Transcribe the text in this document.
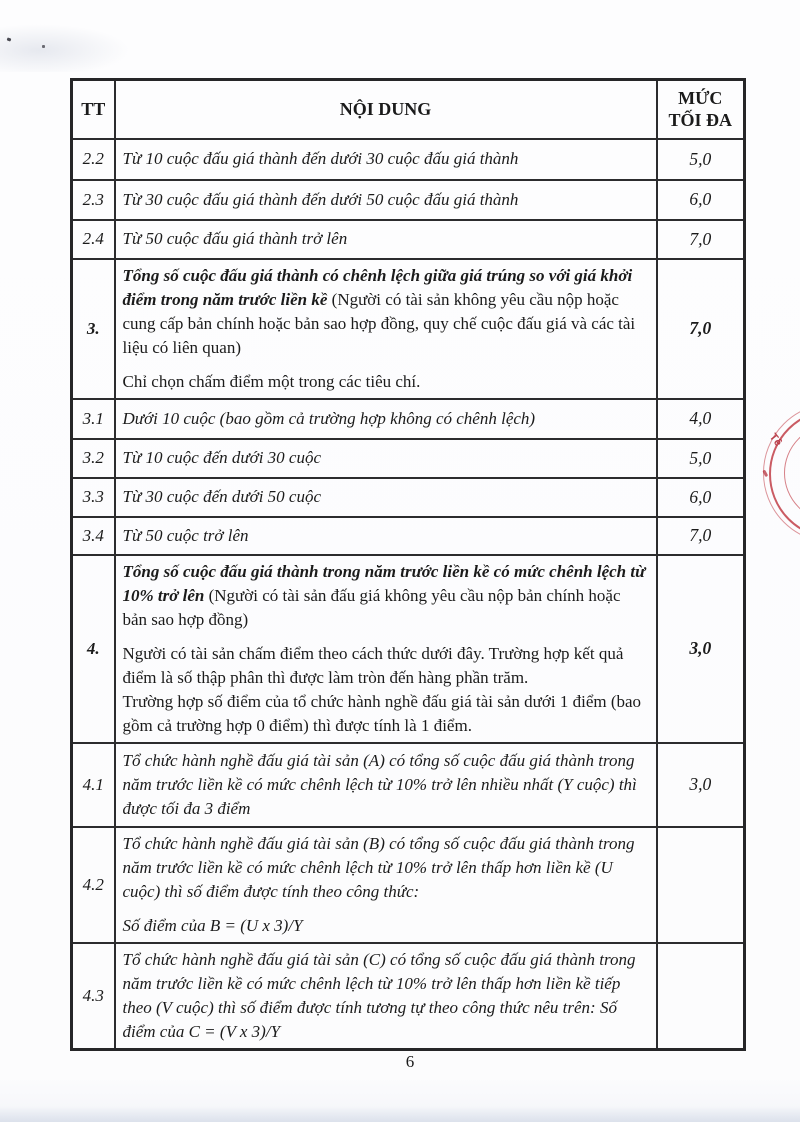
TT	NỘI DUNG	MỨC
TỐI ĐA

2.2	Từ 10 cuộc đấu giá thành đến dưới 30 cuộc đấu giá thành	5,0
2.3	Từ 30 cuộc đấu giá thành đến dưới 50 cuộc đấu giá thành	6,0
2.4	Từ 50 cuộc đấu giá thành trở lên	7,0
3.	Tổng số cuộc đấu giá thành có chênh lệch giữa giá trúng so với giá khởi điểm trong năm trước liền kề (Người có tài sản không yêu cầu nộp hoặc cung cấp bản chính hoặc bản sao hợp đồng, quy chế cuộc đấu giá và các tài liệu có liên quan)

Chỉ chọn chấm điểm một trong các tiêu chí.	7,0
3.1	Dưới 10 cuộc (bao gồm cả trường hợp không có chênh lệch)	4,0
3.2	Từ 10 cuộc đến dưới 30 cuộc	5,0
3.3	Từ 30 cuộc đến dưới 50 cuộc	6,0
3.4	Từ 50 cuộc trở lên	7,0
4.	Tổng số cuộc đấu giá thành trong năm trước liền kề có mức chênh lệch từ 10% trở lên (Người có tài sản đấu giá không yêu cầu nộp bản chính hoặc bản sao hợp đồng)

Người có tài sản chấm điểm theo cách thức dưới đây. Trường hợp kết quả điểm là số thập phân thì được làm tròn đến hàng phần trăm.

Trường hợp số điểm của tổ chức hành nghề đấu giá tài sản dưới 1 điểm (bao gồm cả trường hợp 0 điểm) thì được tính là 1 điểm.	3,0
4.1	Tổ chức hành nghề đấu giá tài sản (A) có tổng số cuộc đấu giá thành trong năm trước liền kề có mức chênh lệch từ 10% trở lên nhiều nhất (Y cuộc) thì được tối đa 3 điểm	3,0
4.2	Tổ chức hành nghề đấu giá tài sản (B) có tổng số cuộc đấu giá thành trong năm trước liền kề có mức chênh lệch từ 10% trở lên thấp hơn liền kề (U cuộc) thì số điểm được tính theo công thức:

Số điểm của B = (U x 3)/Y	

4.3	Tổ chức hành nghề đấu giá tài sản (C) có tổng số cuộc đấu giá thành trong năm trước liền kề có mức chênh lệch từ 10% trở lên thấp hơn liền kề tiếp theo (V cuộc) thì số điểm được tính tương tự theo công thức nêu trên: Số điểm của C = (V x 3)/Y	
6
Tê
